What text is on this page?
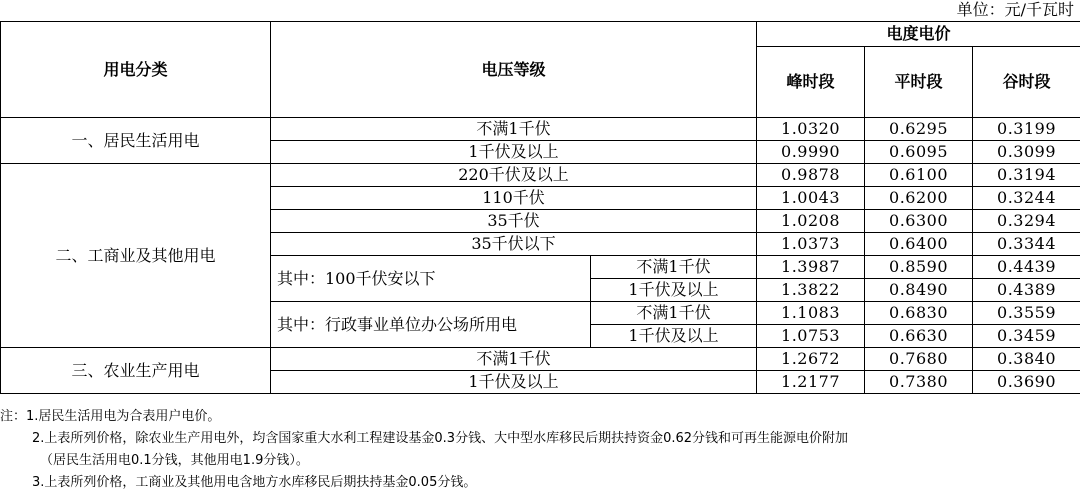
单位：元/千瓦时
用电分类	电压等级		电度电价		
			峰时段	平时段	谷时段
一、居民生活用电	不满1千伏		1.0320	0.6295	0.3199
	1千伏及以上		0.9990	0.6095	0.3099
二、工商业及其他用电	220千伏及以上		0.9878	0.6100	0.3194
	110千伏		1.0043	0.6200	0.3244
	35千伏		1.0208	0.6300	0.3294
	35千伏以下		1.0373	0.6400	0.3344
	其中：100千伏安以下	不满1千伏	1.3987	0.8590	0.4439
		1千伏及以上	1.3822	0.8490	0.4389
	其中：行政事业单位办公场所用电	不满1千伏	1.1083	0.6830	0.3559
		1千伏及以上	1.0753	0.6630	0.3459
三、农业生产用电	不满1千伏		1.2672	0.7680	0.3840
	1千伏及以上		1.2177	0.7380	0.3690
注：1.居民生活用电为合表用户电价。
2.上表所列价格，除农业生产用电外，均含国家重大水利工程建设基金0.3分钱、大中型水库移民后期扶持资金0.62分钱和可再生能源电价附加
（居民生活用电0.1分钱，其他用电1.9分钱）。
3.上表所列价格，工商业及其他用电含地方水库移民后期扶持基金0.05分钱。
